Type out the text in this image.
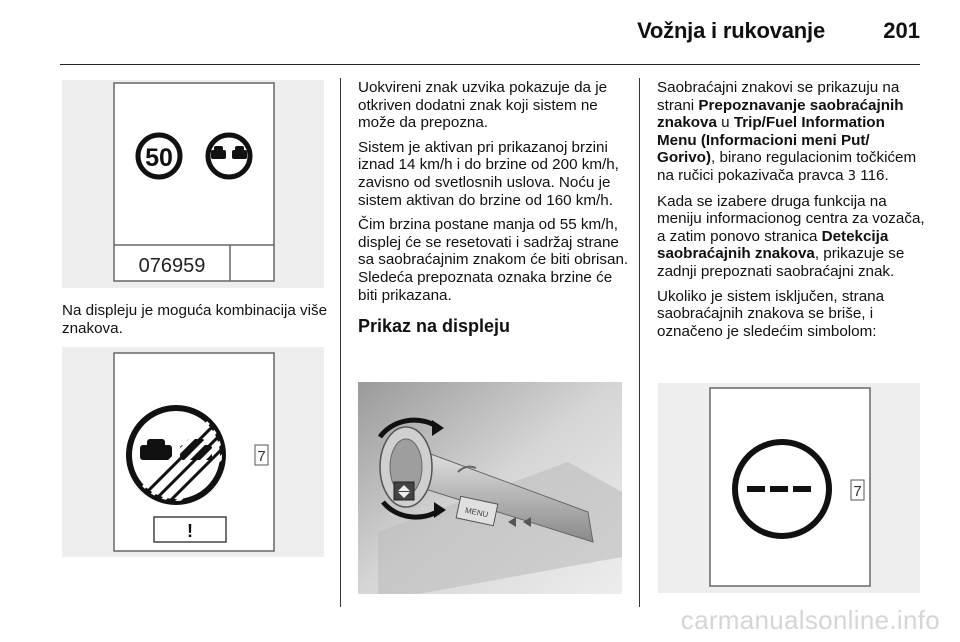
Vožnja i rukovanje	201
50
076959

Na displeju je moguća kombinacija više znakova.

7
!

Uokvireni znak uzvika pokazuje da je otkriven dodatni znak koji sistem ne može da prepozna.

Sistem je aktivan pri prikazanoj brzini iznad 14 km/h i do brzine od 200 km/h, zavisno od svetlosnih uslova. Noću je sistem aktivan do brzine od 160 km/h.

Čim brzina postane manja od 55 km/h, displej će se resetovati i sadržaj strane sa saobraćajnim znakom će biti obrisan. Sledeća prepoznata oznaka brzine će biti prikazana.

Prikaz na displeju
MENU

Saobraćajni znakovi se prikazuju na strani Prepoznavanje saobraćajnih znakova u Trip/Fuel Information Menu (Informacioni meni Put/ Gorivo), birano regulacionim točkićem na ručici pokazivača pravca 3 116.

Kada se izabere druga funkcija na meniju informacionog centra za vozača, a zatim ponovo stranica Detekcija saobraćajnih znakova, prikazuje se zadnji prepoznati saobraćajni znak.

Ukoliko je sistem isključen, strana saobraćajnih znakova se briše, i označeno je sledećim simbolom:

7
carmanualsonline.info
